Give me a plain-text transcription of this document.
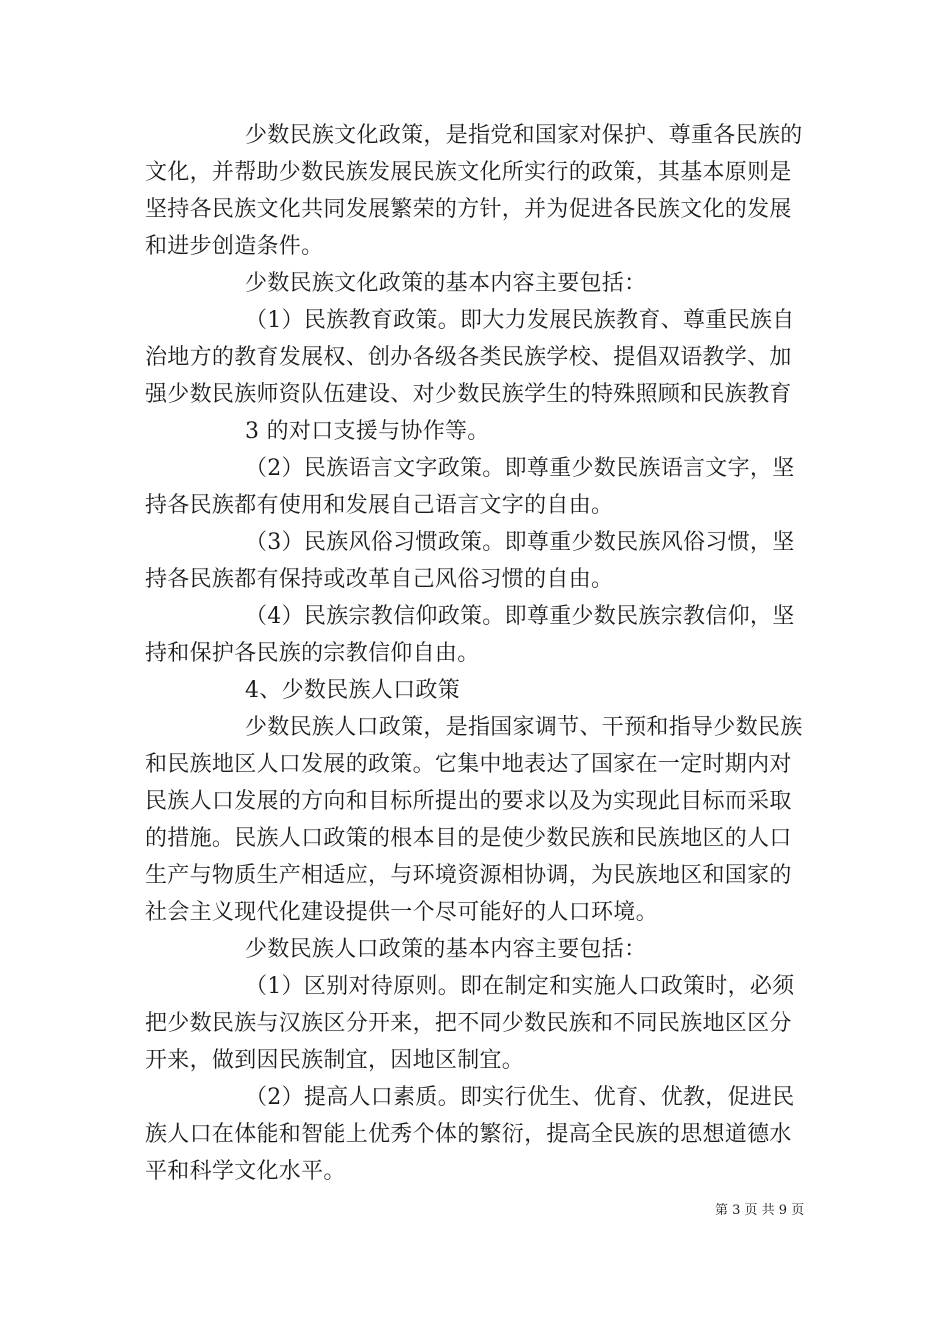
少数民族文化政策，是指党和国家对保护、尊重各民族的
文化，并帮助少数民族发展民族文化所实行的政策，其基本原则是
坚持各民族文化共同发展繁荣的方针，并为促进各民族文化的发展
和进步创造条件。
少数民族文化政策的基本内容主要包括：
（1）民族教育政策。即大力发展民族教育、尊重民族自
治地方的教育发展权、创办各级各类民族学校、提倡双语教学、加
强少数民族师资队伍建设、对少数民族学生的特殊照顾和民族教育
3 的对口支援与协作等。
（2）民族语言文字政策。即尊重少数民族语言文字，坚
持各民族都有使用和发展自己语言文字的自由。
（3）民族风俗习惯政策。即尊重少数民族风俗习惯，坚
持各民族都有保持或改革自己风俗习惯的自由。
（4）民族宗教信仰政策。即尊重少数民族宗教信仰，坚
持和保护各民族的宗教信仰自由。
4、少数民族人口政策
少数民族人口政策，是指国家调节、干预和指导少数民族
和民族地区人口发展的政策。它集中地表达了国家在一定时期内对
民族人口发展的方向和目标所提出的要求以及为实现此目标而采取
的措施。民族人口政策的根本目的是使少数民族和民族地区的人口
生产与物质生产相适应，与环境资源相协调，为民族地区和国家的
社会主义现代化建设提供一个尽可能好的人口环境。
少数民族人口政策的基本内容主要包括：
（1）区别对待原则。即在制定和实施人口政策时，必须
把少数民族与汉族区分开来，把不同少数民族和不同民族地区区分
开来，做到因民族制宜，因地区制宜。
（2）提高人口素质。即实行优生、优育、优教，促进民
族人口在体能和智能上优秀个体的繁衍，提高全民族的思想道德水
平和科学文化水平。
第 3 页 共 9 页
